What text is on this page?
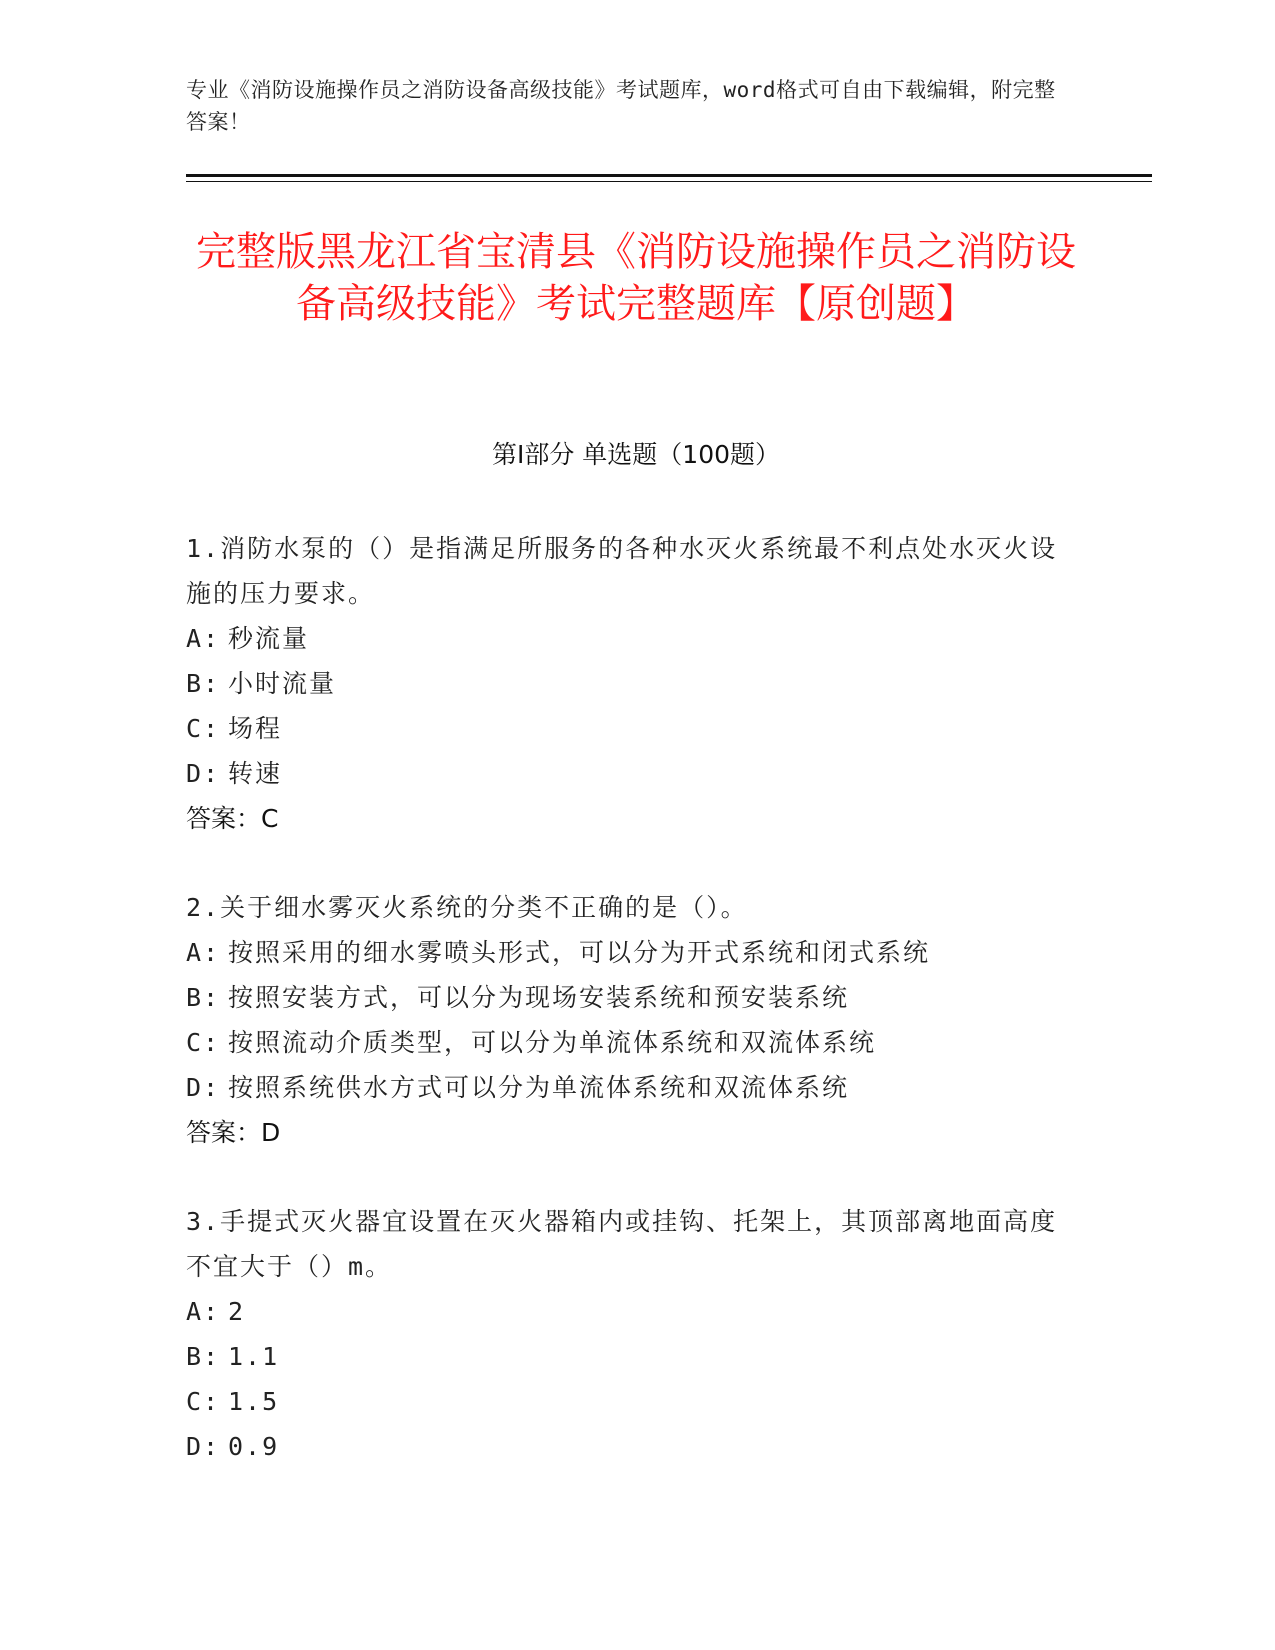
专业《消防设施操作员之消防设备高级技能》考试题库，word格式可自由下载编辑，附完整答案！
完整版黑龙江省宝清县《消防设施操作员之消防设备高级技能》考试完整题库【原创题】
第Ⅰ部分 单选题（100题）
1.消防水泵的（）是指满足所服务的各种水灭火系统最不利点处水灭火设施的压力要求。
A: 秒流量
B: 小时流量
C: 场程
D: 转速
答案：C
2.关于细水雾灭火系统的分类不正确的是（）。
A: 按照采用的细水雾喷头形式，可以分为开式系统和闭式系统
B: 按照安装方式，可以分为现场安装系统和预安装系统
C: 按照流动介质类型，可以分为单流体系统和双流体系统
D: 按照系统供水方式可以分为单流体系统和双流体系统
答案：D
3.手提式灭火器宜设置在灭火器箱内或挂钩、托架上，其顶部离地面高度不宜大于（）m。
A: 2
B: 1.1
C: 1.5
D: 0.9
